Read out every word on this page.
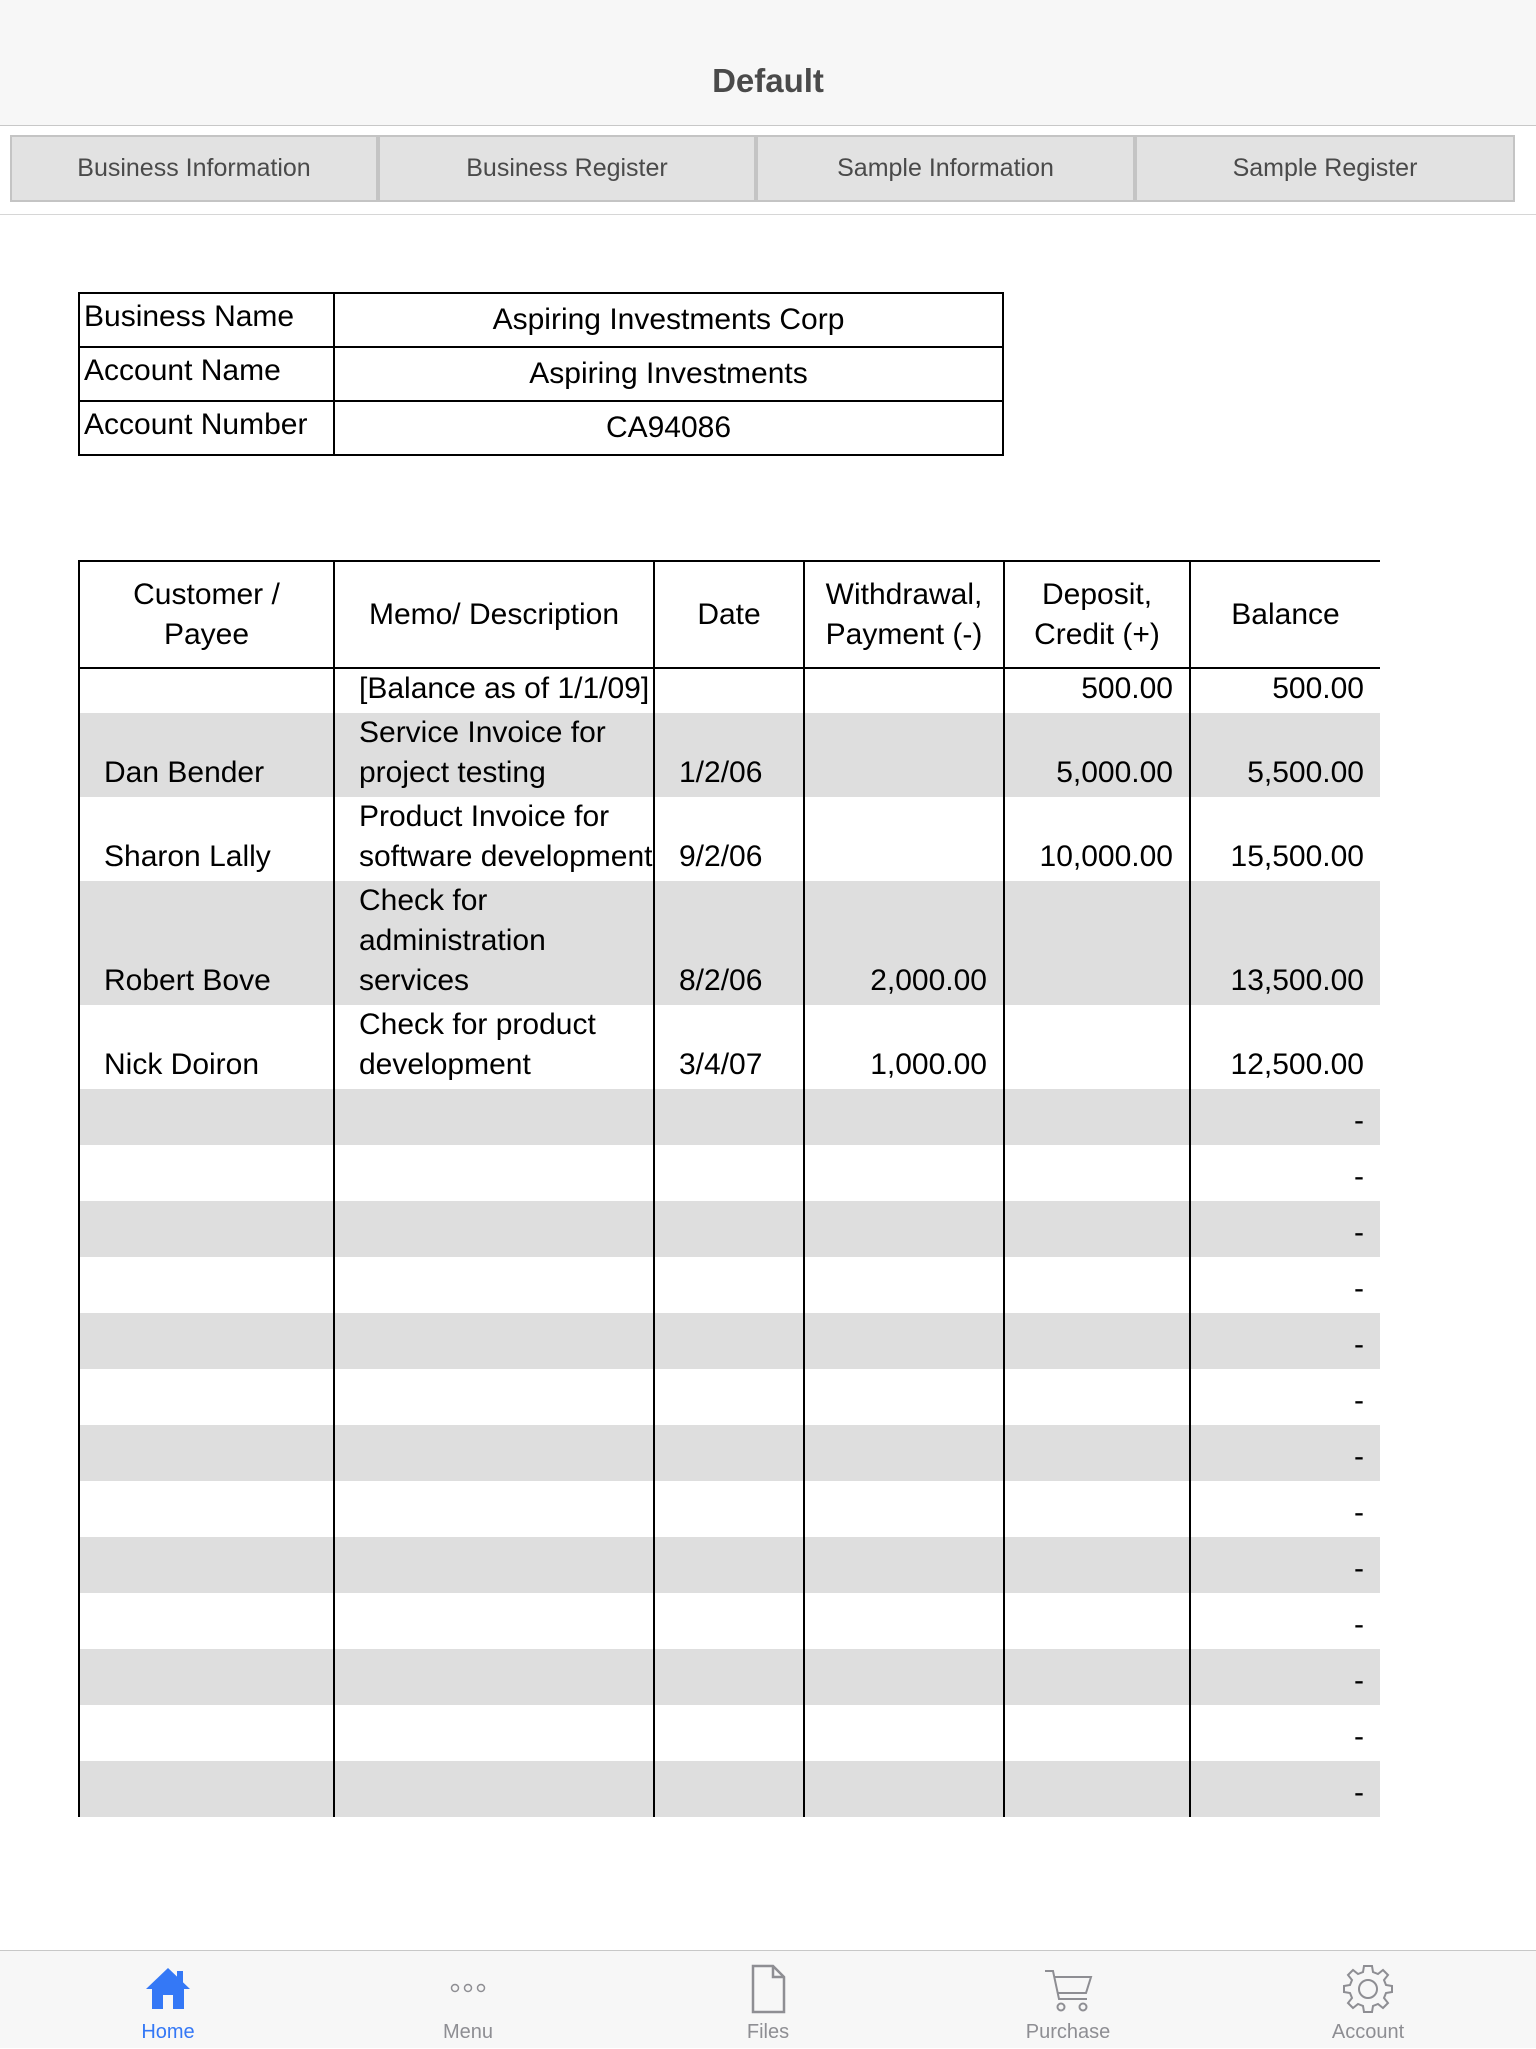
Default
Business Information	Business Register	Sample Information	Sample Register
Business Name	Aspiring Investments Corp
Account Name	Aspiring Investments
Account Number	CA94086
Customer / Payee	Memo/ Description	Date	Withdrawal, Payment (-)	Deposit, Credit (+)	Balance
	[Balance as of 1/1/09]			500.00	500.00
Dan Bender	Service Invoice for project testing	1/2/06		5,000.00	5,500.00
Sharon Lally	Product Invoice for software development	9/2/06		10,000.00	15,500.00
Robert Bove	Check for administration services	8/2/06	2,000.00		13,500.00
Nick Doiron	Check for product development	3/4/07	1,000.00		12,500.00
					-
					-
					-
					-
					-
					-
					-
					-
					-
					-
					-
					-
					-
Home	Menu	Files	Purchase	Account
